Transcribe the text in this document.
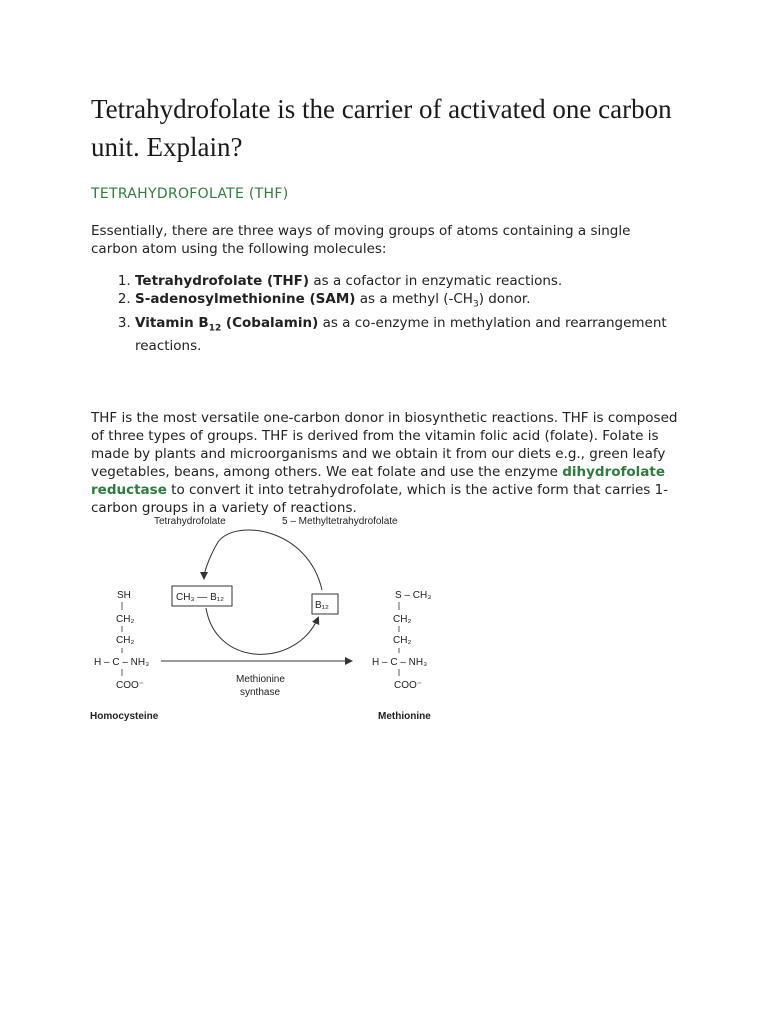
Tetrahydrofolate is the carrier of activated one carbon unit. Explain?
TETRAHYDROFOLATE (THF)

Essentially, there are three ways of moving groups of atoms containing a single carbon atom using the following molecules:

1. Tetrahydrofolate (THF) as a cofactor in enzymatic reactions.
2. S-adenosylmethionine (SAM) as a methyl $(-CH_3)$ donor.
3. Vitamin $B_{12}$ (Cobalamin) as a co-enzyme in methylation and rearrangement reactions.

THF is the most versatile one-carbon donor in biosynthetic reactions. THF is composed of three types of groups. THF is derived from the vitamin folic acid (folate). Folate is made by plants and microorganisms and we obtain it from our diets e.g., green leafy vegetables, beans, among others. We eat folate and use the enzyme dihydrofolate reductase to convert it into tetrahydrofolate, which is the active form that carries 1-carbon groups in a variety of reactions.

Tetrahydrofolate	5 – Methyltetrahydrofolate
CH₃ — B₁₂
B₁₂
SH
CH₂
CH₂
H – C – NH₃
COO⁻
Methionine
synthase
S – CH₃
CH₂
CH₂
H – C – NH₃
COO⁻
Homocysteine	Methionine
